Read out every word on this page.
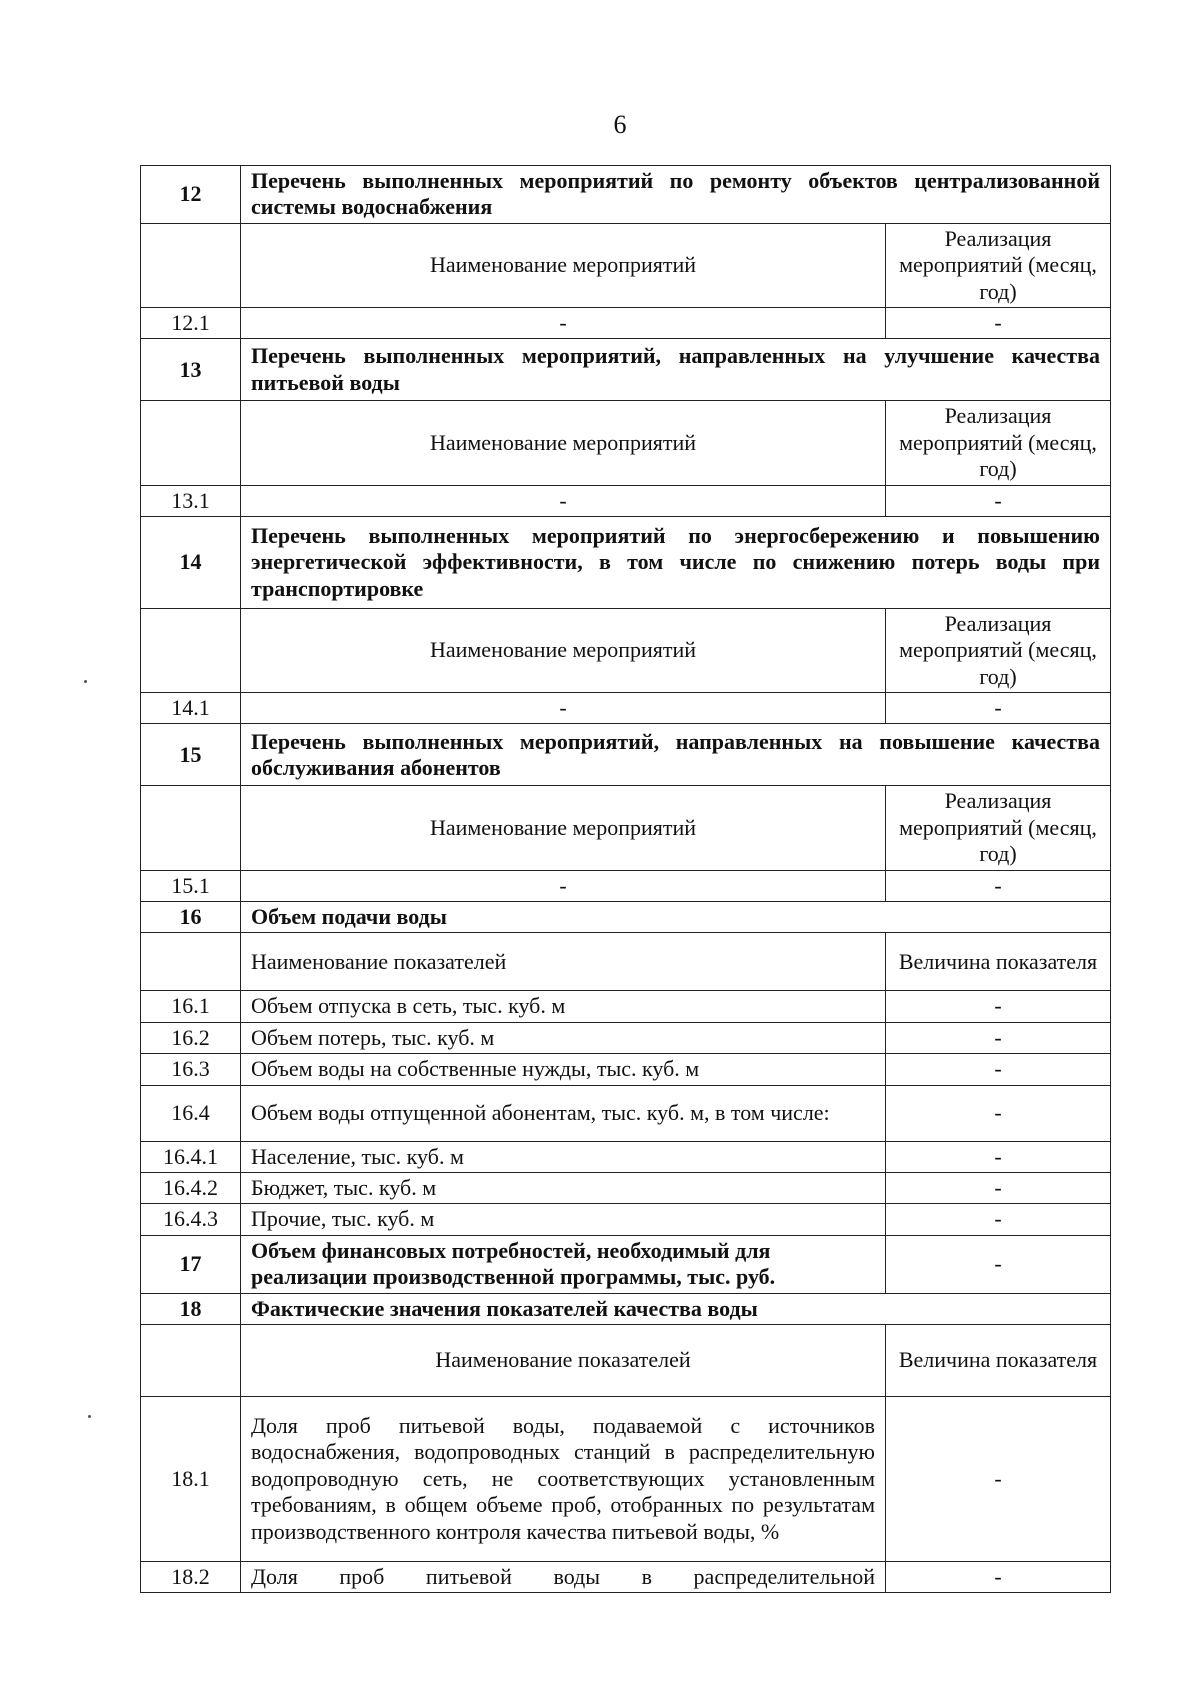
6
12	Перечень выполненных мероприятий по ремонту объектов централизованной системы водоснабжения	
	Наименование мероприятий	Реализация мероприятий (месяц, год)
12.1	-	-
13	Перечень выполненных мероприятий, направленных на улучшение качества питьевой воды	
	Наименование мероприятий	Реализация мероприятий (месяц, год)
13.1	-	-
14	Перечень выполненных мероприятий по энергосбережению и повышению энергетической эффективности, в том числе по снижению потерь воды при транспортировке	
	Наименование мероприятий	Реализация мероприятий (месяц, год)
14.1	-	-
15	Перечень выполненных мероприятий, направленных на повышение качества обслуживания абонентов	
	Наименование мероприятий	Реализация мероприятий (месяц, год)
15.1	-	-
16	Объем подачи воды	
	Наименование показателей	Величина показателя
16.1	Объем отпуска в сеть, тыс. куб. м	-
16.2	Объем потерь, тыс. куб. м	-
16.3	Объем воды на собственные нужды, тыс. куб. м	-
16.4	Объем воды отпущенной абонентам, тыс. куб. м, в том числе:	-
16.4.1	Население, тыс. куб. м	-
16.4.2	Бюджет, тыс. куб. м	-
16.4.3	Прочие, тыс. куб. м	-
17	Объем финансовых потребностей, необходимый для реализации производственной программы, тыс. руб.	-
18	Фактические значения показателей качества воды	
	Наименование показателей	Величина показателя
18.1	Доля проб питьевой воды, подаваемой с источников водоснабжения, водопроводных станций в распределительную водопроводную сеть, не соответствующих установленным требованиям, в общем объеме проб, отобранных по результатам производственного контроля качества питьевой воды, %	-
18.2	Доля проб питьевой воды в распределительной	-
